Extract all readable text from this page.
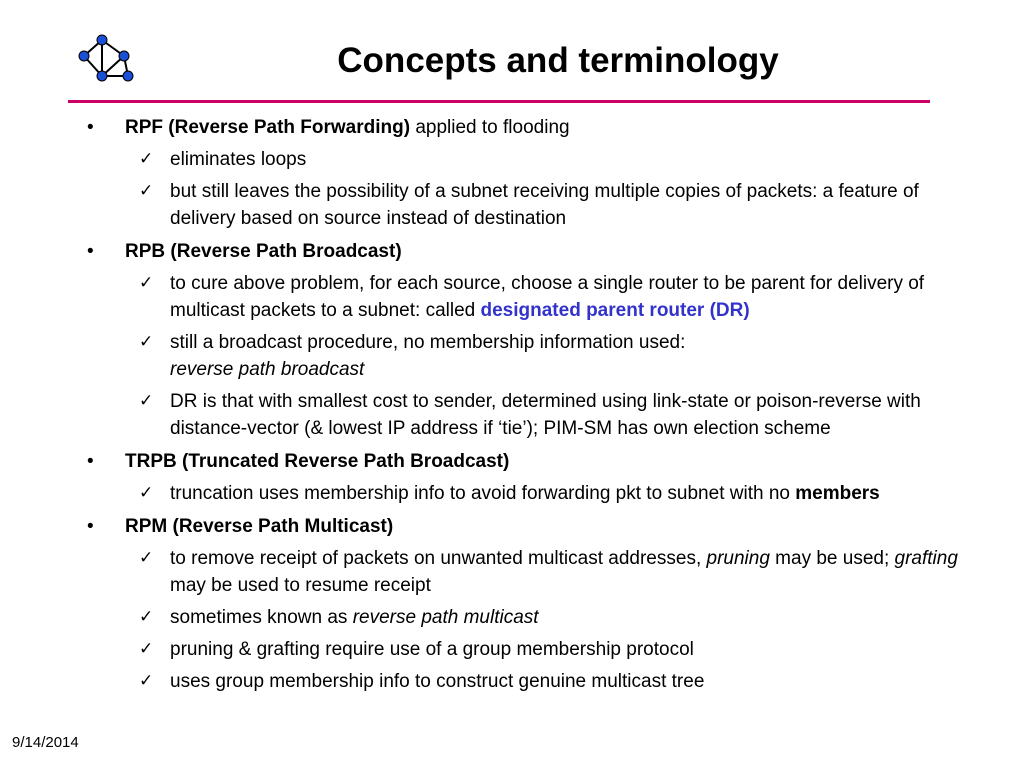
Concepts and terminology
• RPF (Reverse Path Forwarding) applied to flooding
✓ eliminates loops
✓ but still leaves the possibility of a subnet receiving multiple copies of packets: a feature of delivery based on source instead of destination
• RPB (Reverse Path Broadcast)
✓ to cure above problem, for each source, choose a single router to be parent for delivery of multicast packets to a subnet: called designated parent router (DR)
✓ still a broadcast procedure, no membership information used:
reverse path broadcast
✓ DR is that with smallest cost to sender, determined using link-state or poison-reverse with distance-vector (& lowest IP address if ‘tie’); PIM-SM has own election scheme
• TRPB (Truncated Reverse Path Broadcast)
✓ truncation uses membership info to avoid forwarding pkt to subnet with no members
• RPM (Reverse Path Multicast)
✓ to remove receipt of packets on unwanted multicast addresses, pruning may be used; grafting may be used to resume receipt
✓ sometimes known as reverse path multicast
✓ pruning & grafting require use of a group membership protocol
✓ uses group membership info to construct genuine multicast tree
9/14/2014
